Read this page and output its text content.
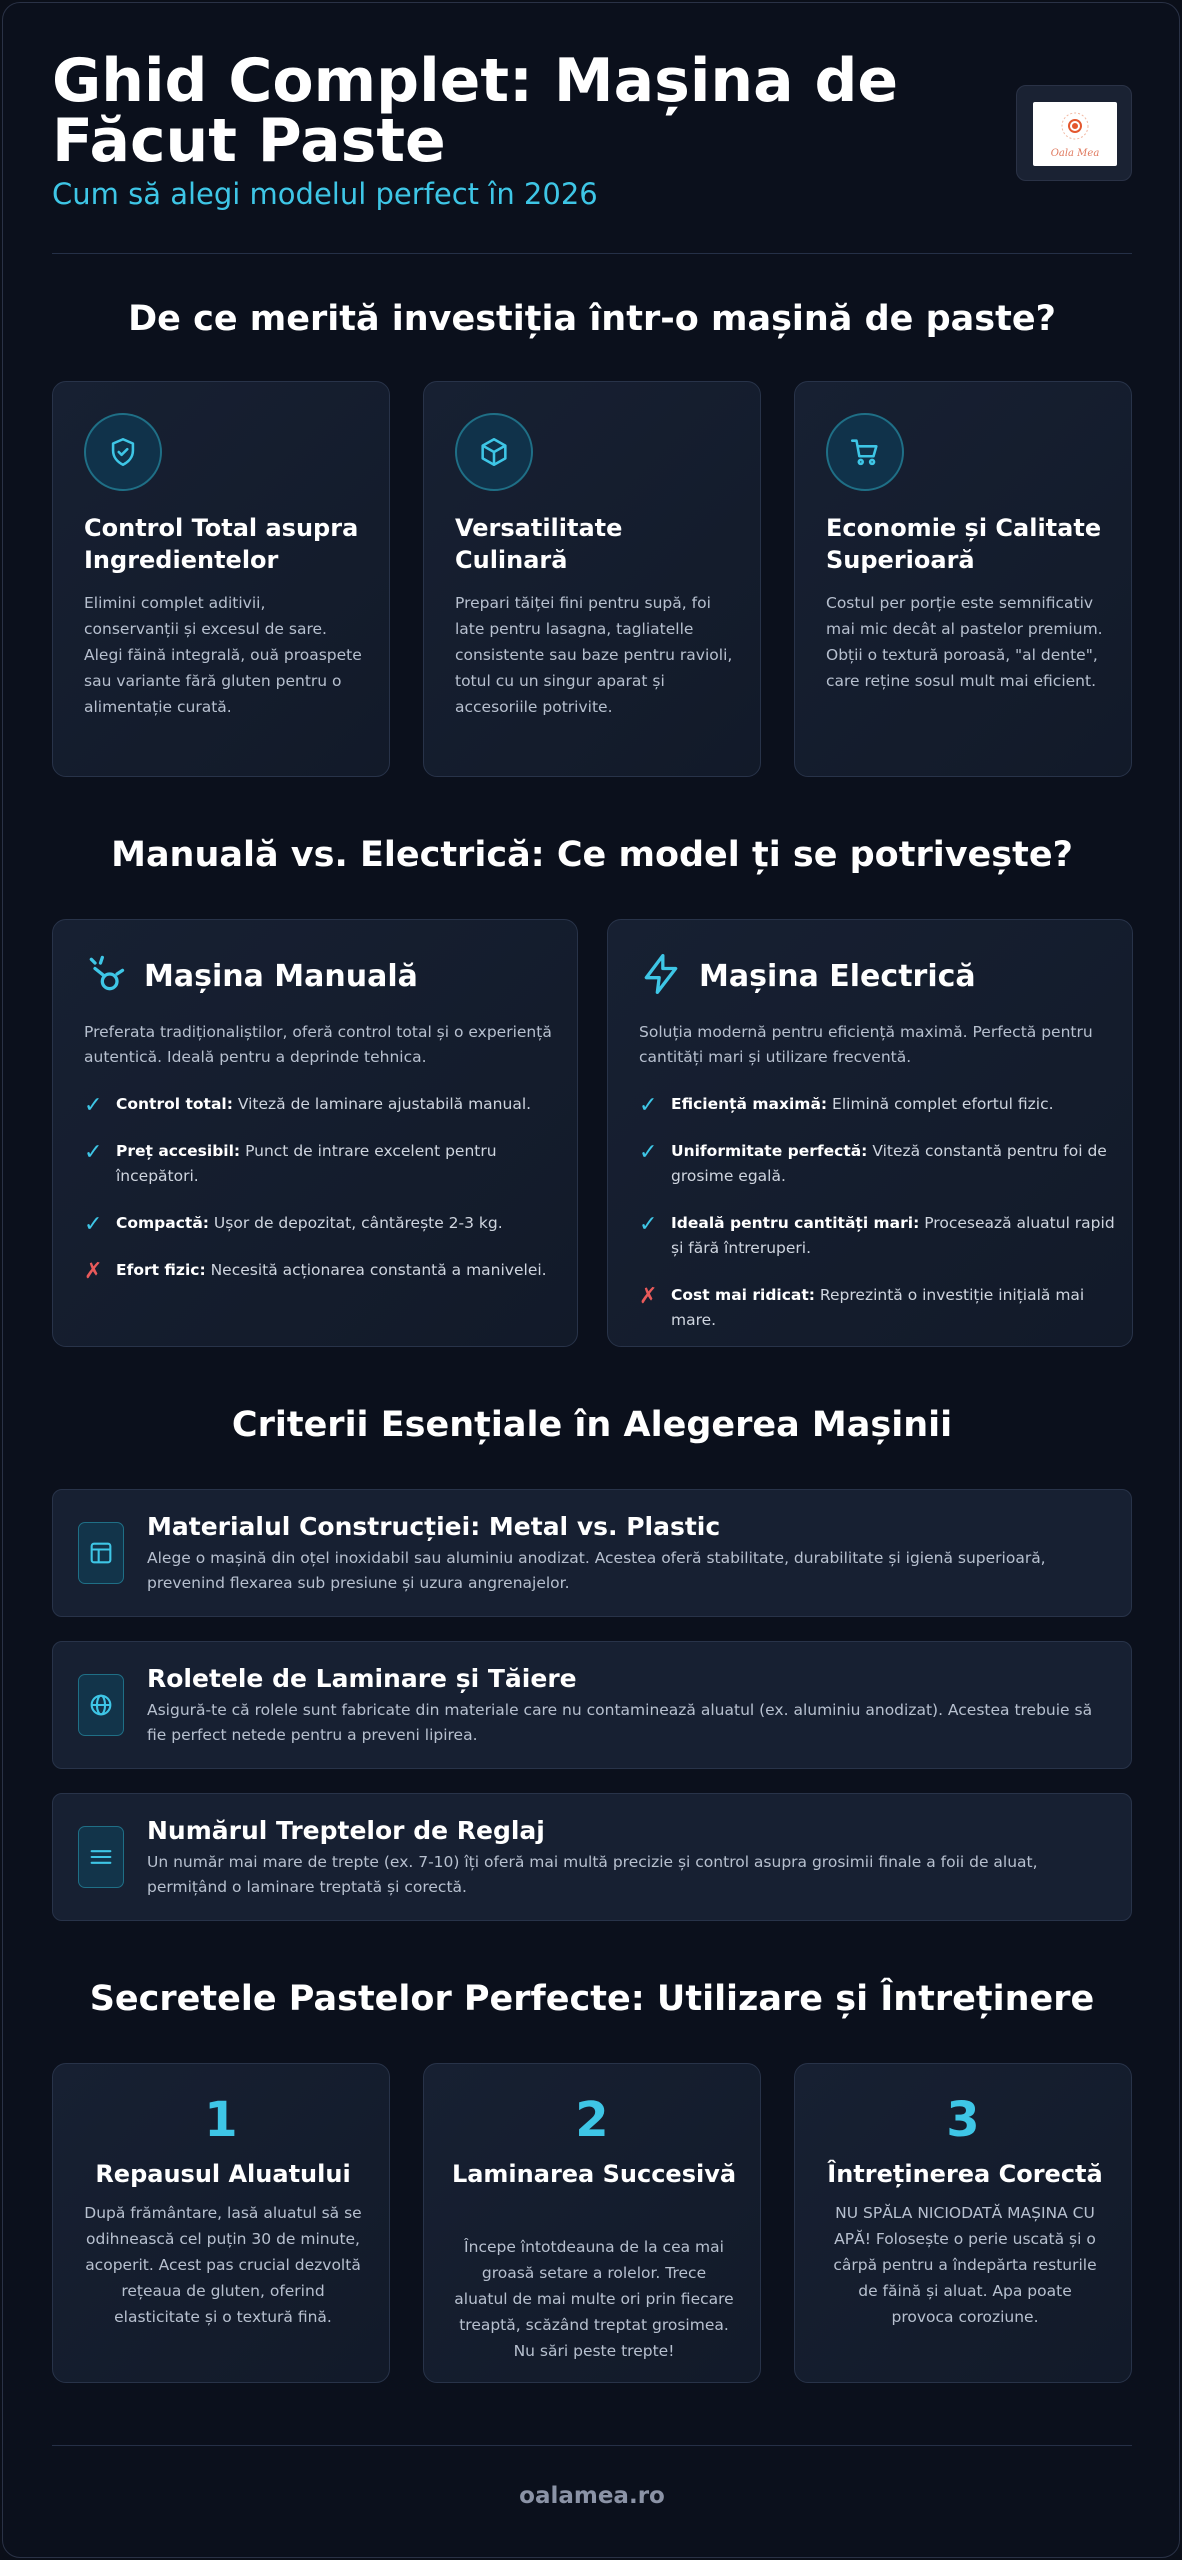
Ghid Complet: Mașina de Făcut Paste
Cum să alegi modelul perfect în 2026
Oala Mea
De ce merită investiția într-o mașină de paste?
Control Total asupra Ingredientelor
Elimini complet aditivii, conservanții și excesul de sare. Alegi făină integrală, ouă proaspete sau variante fără gluten pentru o alimentație curată.
Versatilitate Culinară
Prepari tăiței fini pentru supă, foi late pentru lasagna, tagliatelle consistente sau baze pentru ravioli, totul cu un singur aparat și accesoriile potrivite.
Economie și Calitate Superioară
Costul per porție este semnificativ mai mic decât al pastelor premium. Obții o textură poroasă, "al dente", care reține sosul mult mai eficient.
Manuală vs. Electrică: Ce model ți se potrivește?
Mașina Manuală
Preferata tradiționaliștilor, oferă control total și o experiență autentică. Ideală pentru a deprinde tehnica.
✓ Control total: Viteză de laminare ajustabilă manual.
✓ Preț accesibil: Punct de intrare excelent pentru începători.
✓ Compactă: Ușor de depozitat, cântărește 2-3 kg.
✗ Efort fizic: Necesită acționarea constantă a manivelei.
Mașina Electrică
Soluția modernă pentru eficiență maximă. Perfectă pentru cantități mari și utilizare frecventă.
✓ Eficiență maximă: Elimină complet efortul fizic.
✓ Uniformitate perfectă: Viteză constantă pentru foi de grosime egală.
✓ Ideală pentru cantități mari: Procesează aluatul rapid și fără întreruperi.
✗ Cost mai ridicat: Reprezintă o investiție inițială mai mare.
Criterii Esențiale în Alegerea Mașinii
Materialul Construcției: Metal vs. Plastic
Alege o mașină din oțel inoxidabil sau aluminiu anodizat. Acestea oferă stabilitate, durabilitate și igienă superioară, prevenind flexarea sub presiune și uzura angrenajelor.
Roletele de Laminare și Tăiere
Asigură-te că rolele sunt fabricate din materiale care nu contaminează aluatul (ex. aluminiu anodizat). Acestea trebuie să fie perfect netede pentru a preveni lipirea.
Numărul Treptelor de Reglaj
Un număr mai mare de trepte (ex. 7-10) îți oferă mai multă precizie și control asupra grosimii finale a foii de aluat, permițând o laminare treptată și corectă.
Secretele Pastelor Perfecte: Utilizare și Întreținere
1
Repausul Aluatului
După frământare, lasă aluatul să se odihnească cel puțin 30 de minute, acoperit. Acest pas crucial dezvoltă rețeaua de gluten, oferind elasticitate și o textură fină.
2
Laminarea Succesivă
Începe întotdeauna de la cea mai groasă setare a rolelor. Trece aluatul de mai multe ori prin fiecare treaptă, scăzând treptat grosimea. Nu sări peste trepte!
3
Întreținerea Corectă
NU SPĂLA NICIODATĂ MAȘINA CU APĂ! Folosește o perie uscată și o cârpă pentru a îndepărta resturile de făină și aluat. Apa poate provoca coroziune.
oalamea.ro
